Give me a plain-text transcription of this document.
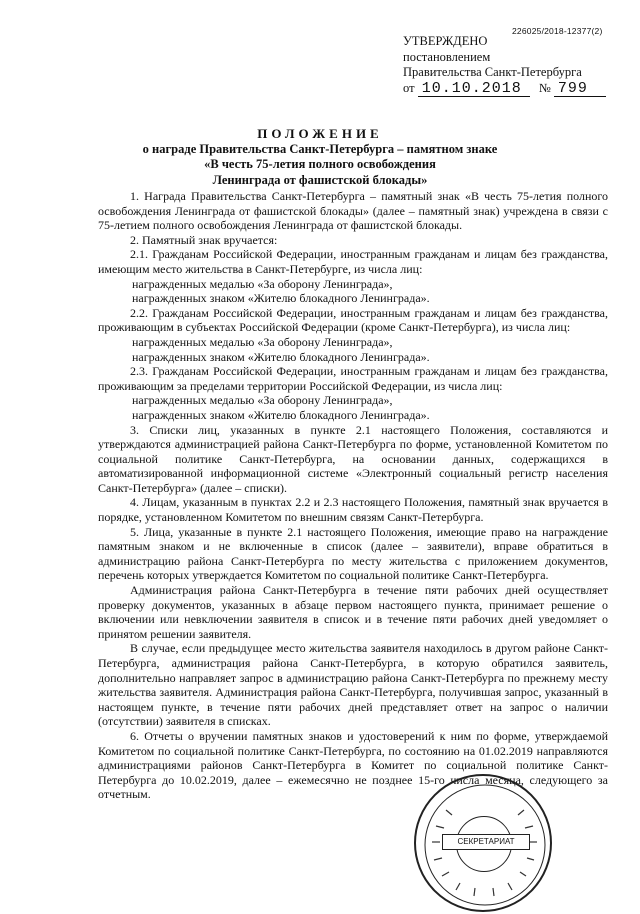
226025/2018-12377(2)
УТВЕРЖДЕНО
постановлением
Правительства Санкт-Петербурга
от 10.10.2018 № 799
ПОЛОЖЕНИЕ
о награде Правительства Санкт-Петербурга – памятном знаке
«В честь 75-летия полного освобождения
Ленинграда от фашистской блокады»

1. Награда Правительства Санкт-Петербурга – памятный знак «В честь 75-летия полного освобождения Ленинграда от фашистской блокады» (далее – памятный знак) учреждена в связи с 75-летием полного освобождения Ленинграда от фашистской блокады.

2. Памятный знак вручается:

2.1. Гражданам Российской Федерации, иностранным гражданам и лицам без гражданства, имеющим место жительства в Санкт-Петербурге, из числа лиц:

награжденных медалью «За оборону Ленинграда»,

награжденных знаком «Жителю блокадного Ленинграда».

2.2. Гражданам Российской Федерации, иностранным гражданам и лицам без гражданства, проживающим в субъектах Российской Федерации (кроме Санкт-Петербурга), из числа лиц:

награжденных медалью «За оборону Ленинграда»,

награжденных знаком «Жителю блокадного Ленинграда».

2.3. Гражданам Российской Федерации, иностранным гражданам и лицам без гражданства, проживающим за пределами территории Российской Федерации, из числа лиц:

награжденных медалью «За оборону Ленинграда»,

награжденных знаком «Жителю блокадного Ленинграда».

3. Списки лиц, указанных в пункте 2.1 настоящего Положения, составляются и утверждаются администрацией района Санкт-Петербурга по форме, установленной Комитетом по социальной политике Санкт-Петербурга, на основании данных, содержащихся в автоматизированной информационной системе «Электронный социальный регистр населения Санкт-Петербурга» (далее – списки).

4. Лицам, указанным в пунктах 2.2 и 2.3 настоящего Положения, памятный знак вручается в порядке, установленном Комитетом по внешним связям Санкт-Петербурга.

5. Лица, указанные в пункте 2.1 настоящего Положения, имеющие право на награждение памятным знаком и не включенные в список (далее – заявители), вправе обратиться в администрацию района Санкт-Петербурга по месту жительства с приложением документов, перечень которых утверждается Комитетом по социальной политике Санкт-Петербурга.

Администрация района Санкт-Петербурга в течение пяти рабочих дней осуществляет проверку документов, указанных в абзаце первом настоящего пункта, принимает решение о включении или невключении заявителя в список и в течение пяти рабочих дней уведомляет о принятом решении заявителя.

В случае, если предыдущее место жительства заявителя находилось в другом районе Санкт-Петербурга, администрация района Санкт-Петербурга, в которую обратился заявитель, дополнительно направляет запрос в администрацию района Санкт-Петербурга по прежнему месту жительства заявителя. Администрация района Санкт-Петербурга, получившая запрос, указанный в настоящем пункте, в течение пяти рабочих дней представляет ответ на запрос о наличии (отсутствии) заявителя в списках.

6. Отчеты о вручении памятных знаков и удостоверений к ним по форме, утверждаемой Комитетом по социальной политике Санкт-Петербурга, по состоянию на 01.02.2019 направляются администрациями районов Санкт-Петербурга в Комитет по социальной политике Санкт-Петербурга до 10.02.2019, далее – ежемесячно не позднее 15-го числа месяца, следующего за отчетным.

СЕКРЕТАРИАТ
